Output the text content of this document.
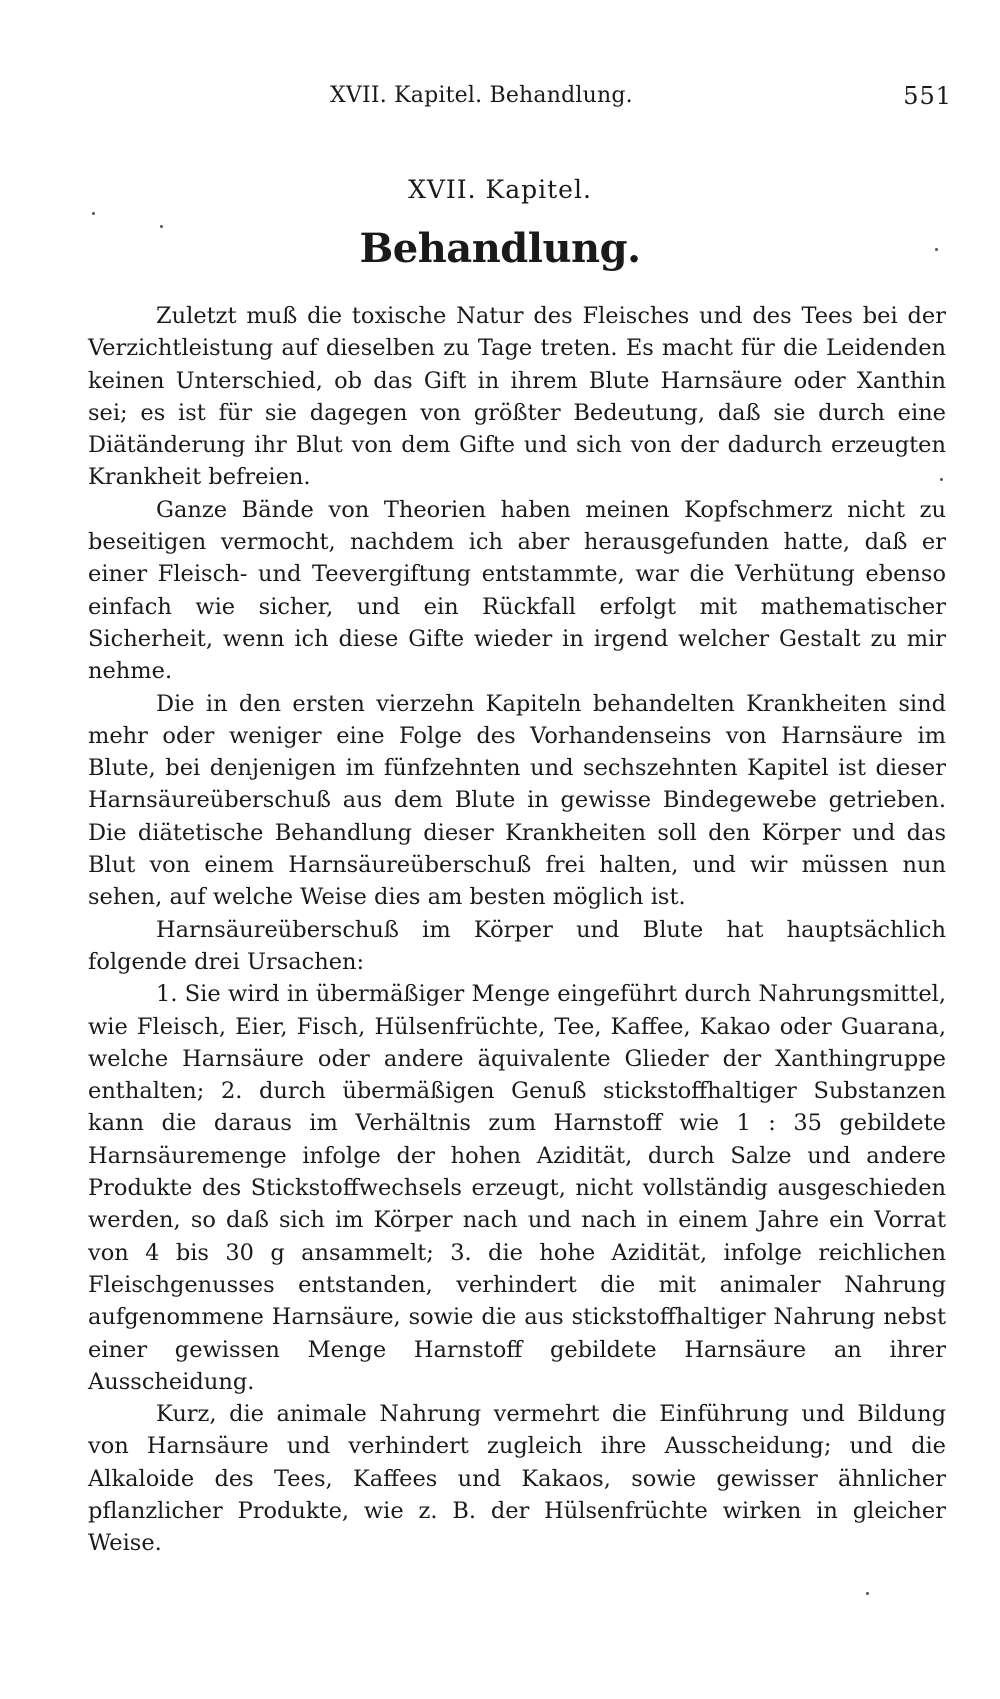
XVII. Kapitel. Behandlung.	551
XVII. Kapitel.
Behandlung.

Zuletzt muß die toxische Natur des Fleisches und des Tees bei der Verzichtleistung auf dieselben zu Tage treten. Es macht für die Leidenden keinen Unterschied, ob das Gift in ihrem Blute Harnsäure oder Xanthin sei; es ist für sie dagegen von größter Bedeutung, daß sie durch eine Diätänderung ihr Blut von dem Gifte und sich von der dadurch erzeugten Krankheit befreien.

Ganze Bände von Theorien haben meinen Kopfschmerz nicht zu beseitigen vermocht, nachdem ich aber herausgefunden hatte, daß er einer Fleisch- und Teevergiftung entstammte, war die Verhütung ebenso einfach wie sicher, und ein Rückfall erfolgt mit mathematischer Sicherheit, wenn ich diese Gifte wieder in irgend welcher Gestalt zu mir nehme.

Die in den ersten vierzehn Kapiteln behandelten Krankheiten sind mehr oder weniger eine Folge des Vorhandenseins von Harnsäure im Blute, bei denjenigen im fünfzehnten und sechszehnten Kapitel ist dieser Harnsäureüberschuß aus dem Blute in gewisse Bindegewebe getrieben. Die diätetische Behandlung dieser Krankheiten soll den Körper und das Blut von einem Harnsäureüberschuß frei halten, und wir müssen nun sehen, auf welche Weise dies am besten möglich ist.

Harnsäureüberschuß im Körper und Blute hat hauptsächlich folgende drei Ursachen:

1. Sie wird in übermäßiger Menge eingeführt durch Nahrungsmittel, wie Fleisch, Eier, Fisch, Hülsenfrüchte, Tee, Kaffee, Kakao oder Guarana, welche Harnsäure oder andere äquivalente Glieder der Xanthingruppe enthalten; 2. durch übermäßigen Genuß stickstoffhaltiger Substanzen kann die daraus im Verhältnis zum Harnstoff wie 1 : 35 gebildete Harnsäuremenge infolge der hohen Azidität, durch Salze und andere Produkte des Stickstoffwechsels erzeugt, nicht vollständig ausgeschieden werden, so daß sich im Körper nach und nach in einem Jahre ein Vorrat von 4 bis 30 g ansammelt; 3. die hohe Azidität, infolge reichlichen Fleischgenusses entstanden, verhindert die mit animaler Nahrung aufgenommene Harnsäure, sowie die aus stickstoffhaltiger Nahrung nebst einer gewissen Menge Harnstoff gebildete Harnsäure an ihrer Ausscheidung.

Kurz, die animale Nahrung vermehrt die Einführung und Bildung von Harnsäure und verhindert zugleich ihre Ausscheidung; und die Alkaloide des Tees, Kaffees und Kakaos, sowie gewisser ähnlicher pflanzlicher Produkte, wie z. B. der Hülsenfrüchte wirken in gleicher Weise.
